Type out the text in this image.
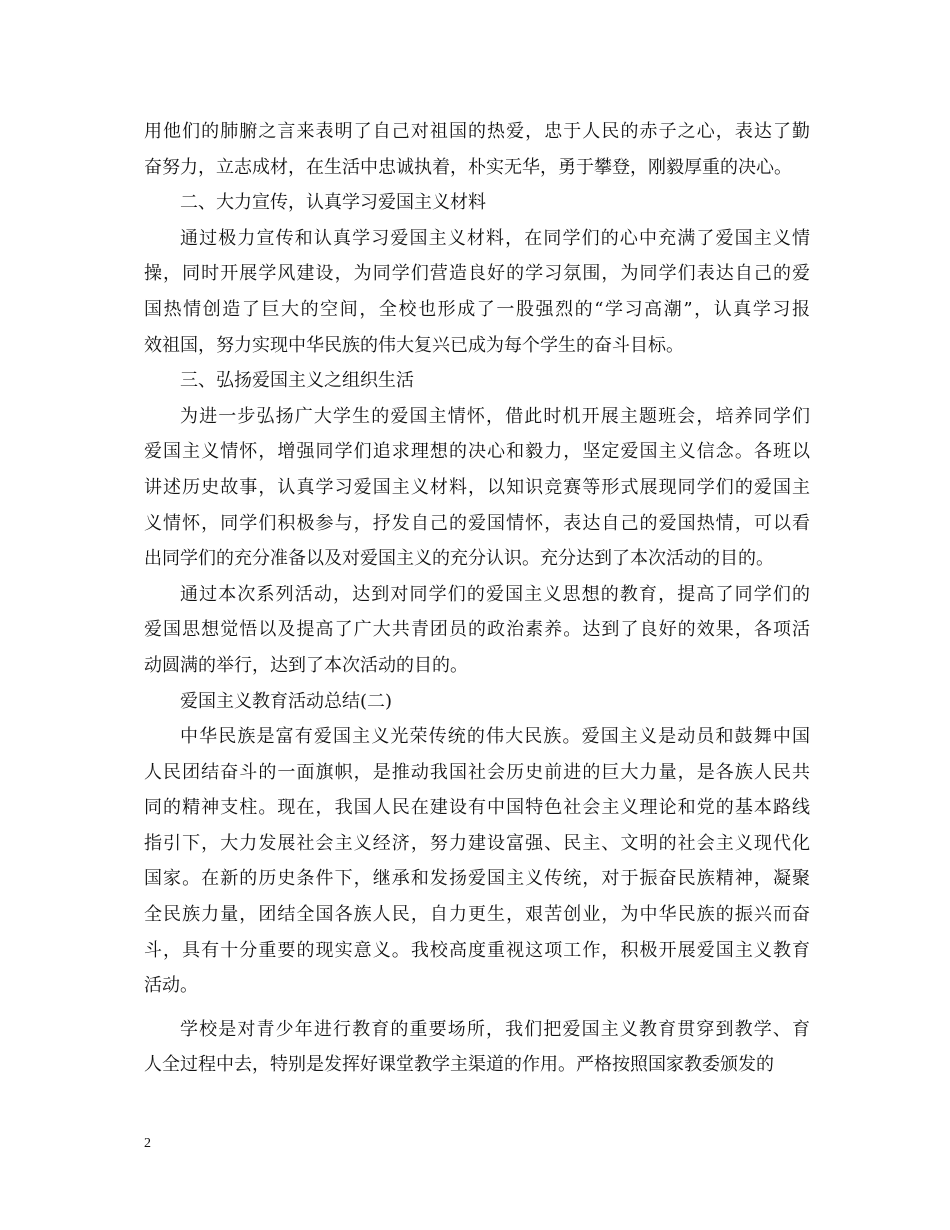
用他们的肺腑之言来表明了自己对祖国的热爱，忠于人民的赤子之心，表达了勤
奋努力，立志成材，在生活中忠诚执着，朴实无华，勇于攀登，刚毅厚重的决心。
二、大力宣传，认真学习爱国主义材料
通过极力宣传和认真学习爱国主义材料，在同学们的心中充满了爱国主义情
操，同时开展学风建设，为同学们营造良好的学习氛围，为同学们表达自己的爱
国热情创造了巨大的空间，全校也形成了一股强烈的“学习高潮”，认真学习报
效祖国，努力实现中华民族的伟大复兴已成为每个学生的奋斗目标。
三、弘扬爱国主义之组织生活
为进一步弘扬广大学生的爱国主情怀，借此时机开展主题班会，培养同学们
爱国主义情怀，增强同学们追求理想的决心和毅力，坚定爱国主义信念。各班以
讲述历史故事，认真学习爱国主义材料，以知识竞赛等形式展现同学们的爱国主
义情怀，同学们积极参与，抒发自己的爱国情怀，表达自己的爱国热情，可以看
出同学们的充分准备以及对爱国主义的充分认识。充分达到了本次活动的目的。
通过本次系列活动，达到对同学们的爱国主义思想的教育，提高了同学们的
爱国思想觉悟以及提高了广大共青团员的政治素养。达到了良好的效果，各项活
动圆满的举行，达到了本次活动的目的。
爱国主义教育活动总结(二)
中华民族是富有爱国主义光荣传统的伟大民族。爱国主义是动员和鼓舞中国
人民团结奋斗的一面旗帜，是推动我国社会历史前进的巨大力量，是各族人民共
同的精神支柱。现在，我国人民在建设有中国特色社会主义理论和党的基本路线
指引下，大力发展社会主义经济，努力建设富强、民主、文明的社会主义现代化
国家。在新的历史条件下，继承和发扬爱国主义传统，对于振奋民族精神，凝聚
全民族力量，团结全国各族人民，自力更生，艰苦创业，为中华民族的振兴而奋
斗，具有十分重要的现实意义。我校高度重视这项工作，积极开展爱国主义教育
活动。
学校是对青少年进行教育的重要场所，我们把爱国主义教育贯穿到教学、育
人全过程中去，特别是发挥好课堂教学主渠道的作用。严格按照国家教委颁发的
2
